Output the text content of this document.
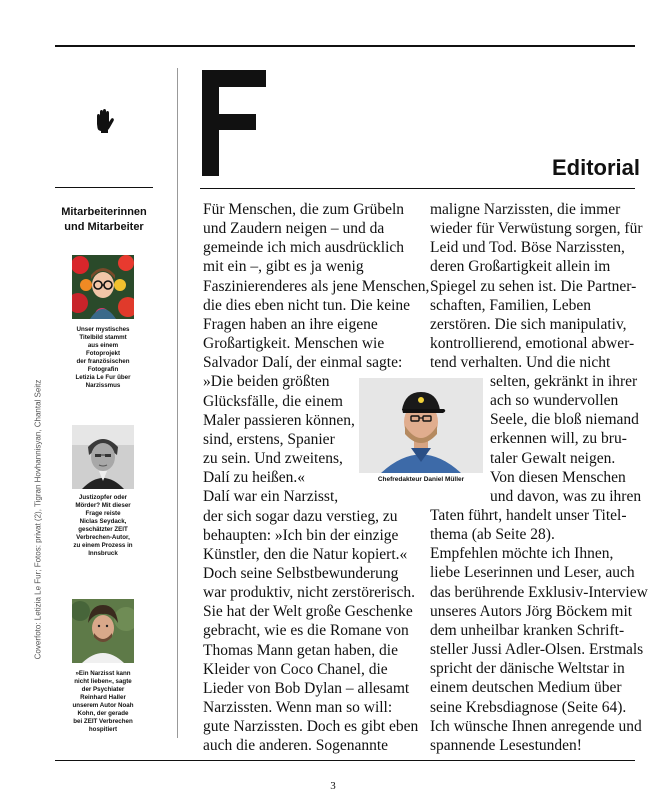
Coverfoto: Letizia Le Fur; Fotos: privat (2), Tigran Hovhannisyan, Chantal Seitz
Editorial
Mitarbeiterinnen
und Mitarbeiter
Unser mystisches
Titelbild stammt
aus einem
Fotoprojekt
der französischen
Fotografin
Letizia Le Fur über
Narzissmus
Justizopfer oder
Mörder? Mit dieser
Frage reiste
Niclas Seydack,
geschätzter ZEIT
Verbrechen-Autor,
zu einem Prozess in
Innsbruck
»Ein Narzisst kann
nicht lieben«, sagte
der Psychiater
Reinhard Haller
unserem Autor Noah
Kohn, der gerade
bei ZEIT Verbrechen
hospitiert
Für Menschen, die zum Grübeln
und Zaudern neigen – und da
gemeinde ich mich ausdrücklich
mit ein –, gibt es ja wenig
Faszinierenderes als jene Menschen,
die dies eben nicht tun. Die keine
Fragen haben an ihre eigene
Großartigkeit. Menschen wie
Salvador Dalí, der einmal sagte:
»Die beiden größten
Glücksfälle, die einem
Maler passieren können,
sind, erstens, Spanier
zu sein. Und zweitens,
Dalí zu heißen.«
Dalí war ein Narzisst,
der sich sogar dazu verstieg, zu
behaupten: »Ich bin der einzige
Künstler, den die Natur kopiert.«
Doch seine Selbstbewunderung
war produktiv, nicht zerstörerisch.
Sie hat der Welt große Geschenke
gebracht, wie es die Romane von
Thomas Mann getan haben, die
Kleider von Coco Chanel, die
Lieder von Bob Dylan – allesamt
Narzissten. Wenn man so will:
gute Narzissten. Doch es gibt eben
auch die anderen. Sogenannte
maligne Narzissten, die immer
wieder für Verwüstung sorgen, für
Leid und Tod. Böse Narzissten,
deren Großartigkeit allein im
Spiegel zu sehen ist. Die Partner-
schaften, Familien, Leben
zerstören. Die sich manipulativ,
kontrollierend, emotional abwer-
tend verhalten. Und die nicht
selten, gekränkt in ihrer
ach so wundervollen
Seele, die bloß niemand
erkennen will, zu bru-
taler Gewalt neigen.
Von diesen Menschen
und davon, was zu ihren
Taten führt, handelt unser Titel-
thema (ab Seite 28).
Empfehlen möchte ich Ihnen,
liebe Leserinnen und Leser, auch
das berührende Exklusiv-Interview
unseres Autors Jörg Böckem mit
dem unheilbar kranken Schrift-
steller Jussi Adler-Olsen. Erstmals
spricht der dänische Weltstar in
einem deutschen Medium über
seine Krebsdiagnose (Seite 64).
Ich wünsche Ihnen anregende und
spannende Lesestunden!
Chefredakteur Daniel Müller
3
